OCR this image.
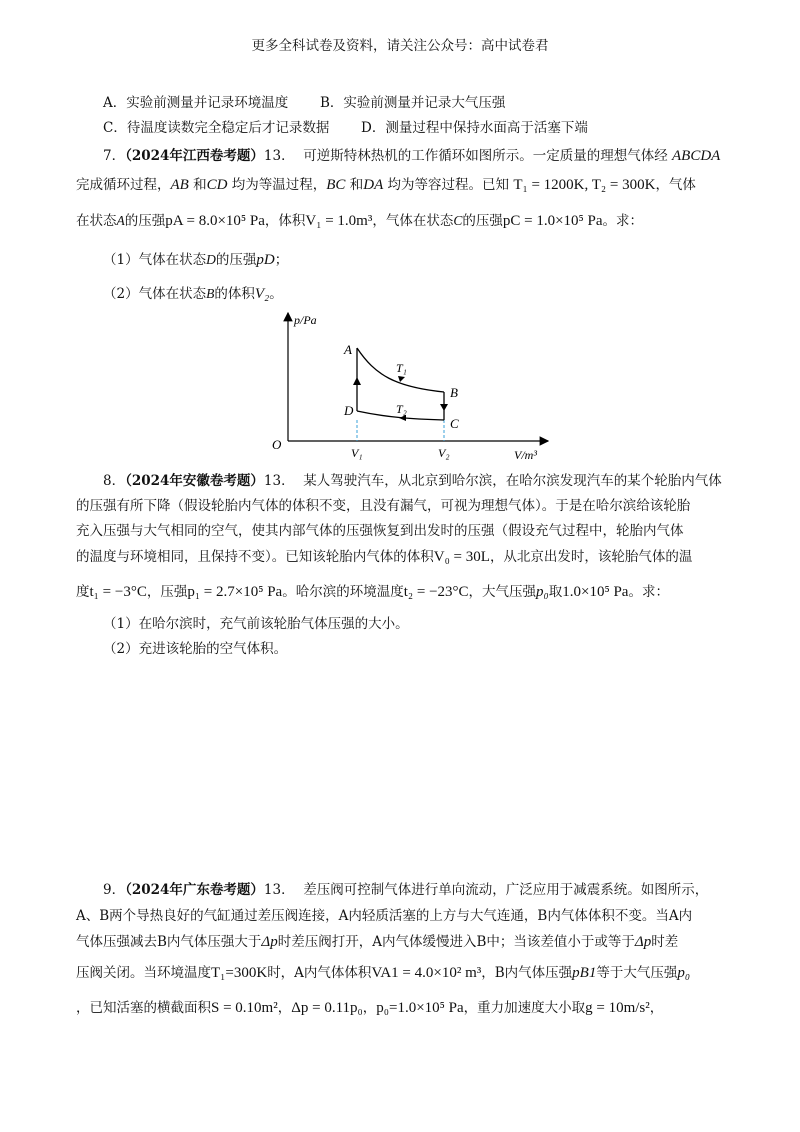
更多全科试卷及资料，请关注公众号：高中试卷君
A．实验前测量并记录环境温度 B．实验前测量并记录大气压强
C．待温度读数完全稳定后才记录数据 D．测量过程中保持水面高于活塞下端
7．（2024年江西卷考题）13． 可逆斯特林热机的工作循环如图所示。一定质量的理想气体经 ABCDA
完成循环过程，AB 和CD 均为等温过程，BC 和DA 均为等容过程。已知 T₁ = 1200K, T₂ = 300K，气体
在状态A的压强pA = 8.0×10⁵ Pa，体积V₁ = 1.0m³，气体在状态C的压强pC = 1.0×10⁵ Pa。求：
（1）气体在状态D的压强pD；
（2）气体在状态B的体积V₂。
p/Pa
V/m³
O
A
B
C
D
T₁
T₂
V₁	V₂
8．（2024年安徽卷考题）13． 某人驾驶汽车，从北京到哈尔滨，在哈尔滨发现汽车的某个轮胎内气体
的压强有所下降（假设轮胎内气体的体积不变，且没有漏气，可视为理想气体）。于是在哈尔滨给该轮胎
充入压强与大气相同的空气，使其内部气体的压强恢复到出发时的压强（假设充气过程中，轮胎内气体
的温度与环境相同，且保持不变）。已知该轮胎内气体的体积V₀ = 30L，从北京出发时，该轮胎气体的温
度t₁ = −3°C，压强p₁ = 2.7×10⁵ Pa。哈尔滨的环境温度t₂ = −23°C，大气压强p₀取1.0×10⁵ Pa。求：
（1）在哈尔滨时，充气前该轮胎气体压强的大小。
（2）充进该轮胎的空气体积。
9．（2024年广东卷考题）13． 差压阀可控制气体进行单向流动，广泛应用于减震系统。如图所示，
A、B两个导热良好的气缸通过差压阀连接，A内轻质活塞的上方与大气连通，B内气体体积不变。当A内
气体压强减去B内气体压强大于Δp时差压阀打开，A内气体缓慢进入B中；当该差值小于或等于Δp时差
压阀关闭。当环境温度T₁=300K时，A内气体体积VA1 = 4.0×10² m³，B内气体压强pB1等于大气压强p₀
，已知活塞的横截面积S = 0.10m²，Δp = 0.11p₀，p₀=1.0×10⁵ Pa，重力加速度大小取g = 10m/s²，
